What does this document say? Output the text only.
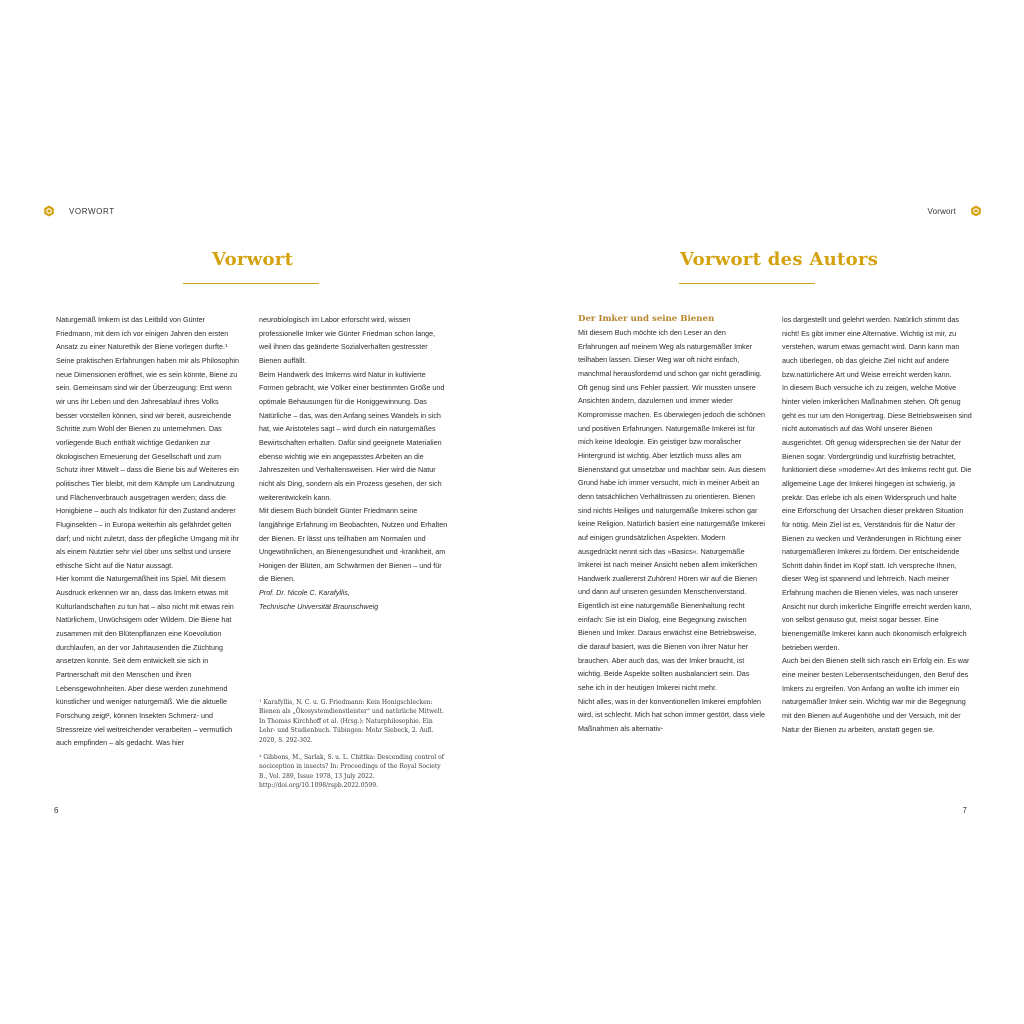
VORWORT
Vorwort

Naturgemäß Imkern ist das Leitbild von Günter Friedmann, mit dem ich vor einigen Jahren den ersten Ansatz zu einer Naturethik der Biene vorlegen durfte.¹ Seine praktischen Erfahrungen haben mir als Philosophin neue Dimensionen eröffnet, wie es sein könnte, Biene zu sein. Gemeinsam sind wir der Überzeugung: Erst wenn wir uns ihr Leben und den Jahresablauf ihres Volks besser vorstellen können, sind wir bereit, ausreichende Schritte zum Wohl der Bienen zu unternehmen. Das vorliegende Buch enthält wichtige Gedanken zur ökologischen Erneuerung der Gesellschaft und zum Schutz ihrer Mitwelt – dass die Biene bis auf Weiteres ein politisches Tier bleibt, mit dem Kämpfe um Landnutzung und Flächenverbrauch ausgetragen werden; dass die Honigbiene – auch als Indikator für den Zustand anderer Fluginsekten – in Europa weiterhin als gefährdet gelten darf; und nicht zuletzt, dass der pflegliche Umgang mit ihr als einem Nutztier sehr viel über uns selbst und unsere ethische Sicht auf die Natur aussagt.

Hier kommt die Naturgemäßheit ins Spiel. Mit diesem Ausdruck erkennen wir an, dass das Imkern etwas mit Kulturlandschaften zu tun hat – also nicht mit etwas rein Natürlichem, Urwüchsigem oder Wildem. Die Biene hat zusammen mit den Blütenpflanzen eine Koevolution durchlaufen, an der vor Jahrtausenden die Züchtung ansetzen konnte. Seit dem entwickelt sie sich in Partnerschaft mit den Menschen und ihren Lebensgewohnheiten. Aber diese werden zunehmend künstlicher und weniger naturgemäß. Wie die aktuelle Forschung zeigt², können Insekten Schmerz- und Stressreize viel weitreichender verarbeiten – vermutlich auch empfinden – als gedacht. Was hier

neurobiologisch im Labor erforscht wird, wissen professionelle Imker wie Günter Friedman schon lange, weil ihnen das geänderte Sozialverhalten gestresster Bienen auffällt.

Beim Handwerk des Imkerns wird Natur in kultivierte Formen gebracht, wie Völker einer bestimmten Größe und optimale Behausungen für die Honiggewinnung. Das Natürliche – das, was den Anfang seines Wandels in sich hat, wie Aristoteles sagt – wird durch ein naturgemäßes Bewirtschaften erhalten. Dafür sind geeignete Materialien ebenso wichtig wie ein angepasstes Arbeiten an die Jahreszeiten und Verhaltensweisen. Hier wird die Natur nicht als Ding, sondern als ein Prozess gesehen, der sich weiterentwickeln kann.

Mit diesem Buch bündelt Günter Friedmann seine langjährige Erfahrung im Beobachten, Nutzen und Erhalten der Bienen. Er lässt uns teilhaben am Normalen und Ungewöhnlichen, an Bienengesundheit und -krankheit, am Honigen der Blüten, am Schwärmen der Bienen – und für die Bienen.

Prof. Dr. Nicole C. Karafyllis,

Technische Universität Braunschweig

¹ Karafyllis, N. C. u. G. Friedmann: Kein Honigschlecken: Bienen als „Ökosystemdienstleister“ und natürliche Mitwelt. In Thomas Kirchhoff et al. (Hrsg.): Naturphilosophie. Ein Lehr- und Studienbuch. Tübingen: Mohr Siebeck, 2. Aufl. 2020, S. 292-302.

² Gibbons, M., Sarlak, S. u. L. Chittka: Descending control of nociception in insects? In: Proceedings of the Royal Society B., Vol. 289, Issue 1978, 13 July 2022. http://doi.org/10.1098/rspb.2022.0599.

6
Vorwort
Vorwort des Autors

Der Imker und seine Bienen

Mit diesem Buch möchte ich den Leser an den Erfahrungen auf meinem Weg als naturgemäßer Imker teilhaben lassen. Dieser Weg war oft nicht einfach, manchmal herausfordernd und schon gar nicht geradlinig. Oft genug sind uns Fehler passiert. Wir mussten unsere Ansichten ändern, dazulernen und immer wieder Kompromisse machen. Es überwiegen jedoch die schönen und positiven Erfahrungen. Naturgemäße Imkerei ist für mich keine Ideologie. Ein geistiger bzw moralischer Hintergrund ist wichtig. Aber letztlich muss alles am Bienenstand gut umsetzbar und machbar sein. Aus diesem Grund habe ich immer versucht, mich in meiner Arbeit an denn tatsächlichen Verhältnissen zu orientieren. Bienen sind nichts Heiliges und naturgemäße Imkerei schon gar keine Religion. Natürlich basiert eine naturgemäße Imkerei auf einigen grundsätzlichen Aspekten. Modern ausgedrückt nennt sich das »Basics«. Naturgemäße Imkerei ist nach meiner Ansicht neben allem imkerlichen Handwerk zuallererst Zuhören! Hören wir auf die Bienen und dann auf unseren gesunden Menschenverstand.

Eigentlich ist eine naturgemäße Bienenhaltung recht einfach: Sie ist ein Dialog, eine Begegnung zwischen Bienen und Imker. Daraus erwächst eine Betriebsweise, die darauf basiert, was die Bienen von ihrer Natur her brauchen. Aber auch das, was der Imker braucht, ist wichtig. Beide Aspekte sollten ausbalanciert sein. Das sehe ich in der heutigen Imkerei nicht mehr.

Nicht alles, was in der konventionellen Imkerei empfohlen wird, ist schlecht. Mich hat schon immer gestört, dass viele Maßnahmen als alternativ-

los dargestellt und gelehrt werden. Natürlich stimmt das nicht! Es gibt immer eine Alternative. Wichtig ist mir, zu verstehen, warum etwas gemacht wird. Dann kann man auch überlegen, ob das gleiche Ziel nicht auf andere bzw.natürlichere Art und Weise erreicht werden kann.

In diesem Buch versuche ich zu zeigen, welche Motive hinter vielen imkerlichen Maßnahmen stehen. Oft genug geht es nur um den Honigertrag. Diese Betriebsweisen sind nicht automatisch auf das Wohl unserer Bienen ausgerichtet. Oft genug widersprechen sie der Natur der Bienen sogar. Vordergründig und kurzfristig betrachtet, funktioniert diese »moderne« Art des Imkerns recht gut. Die allgemeine Lage der Imkerei hingegen ist schwierig, ja prekär. Das erlebe ich als einen Widerspruch und halte eine Erforschung der Ursachen dieser prekären Situation für nötig. Mein Ziel ist es, Verständnis für die Natur der Bienen zu wecken und Veränderungen in Richtung einer naturgemäßeren Imkerei zu fördern. Der entscheidende Schritt dahin findet im Kopf statt. Ich verspreche Ihnen, dieser Weg ist spannend und lehrreich. Nach meiner Erfahrung machen die Bienen vieles, was nach unserer Ansicht nur durch imkerliche Eingriffe erreicht werden kann, von selbst genauso gut, meist sogar besser. Eine bienengemäße Imkerei kann auch ökonomisch erfolgreich betrieben werden.

Auch bei den Bienen stellt sich rasch ein Erfolg ein. Es war eine meiner besten Lebensentscheidungen, den Beruf des Imkers zu ergreifen. Von Anfang an wollte ich immer ein naturgemäßer Imker sein. Wichtig war mir die Begegnung mit den Bienen auf Augenhöhe und der Versuch, mit der Natur der Bienen zu arbeiten, anstatt gegen sie.

7
